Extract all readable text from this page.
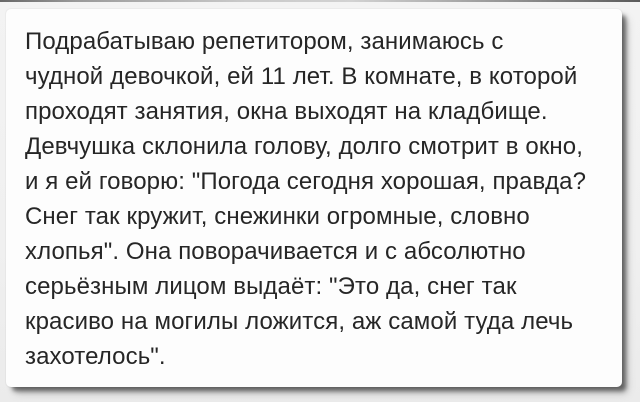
Подрабатываю репетитором, занимаюсь с
чудной девочкой, ей 11 лет. В комнате, в которой
проходят занятия, окна выходят на кладбище.
Девчушка склонила голову, долго смотрит в окно,
и я ей говорю: "Погода сегодня хорошая, правда?
Снег так кружит, снежинки огромные, словно
хлопья". Она поворачивается и с абсолютно
серьёзным лицом выдаёт: "Это да, снег так
красиво на могилы ложится, аж самой туда лечь
захотелось".
